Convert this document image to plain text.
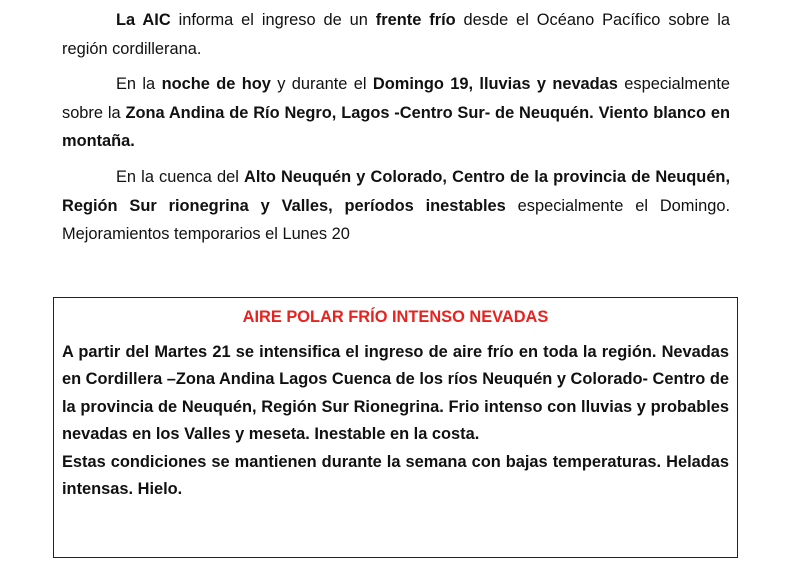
La AIC informa el ingreso de un frente frío desde el Océano Pacífico sobre la región cordillerana.

En la noche de hoy y durante el Domingo 19, lluvias y nevadas especialmente sobre la Zona Andina de Río Negro, Lagos -Centro Sur- de Neuquén. Viento blanco en montaña.

En la cuenca del Alto Neuquén y Colorado, Centro de la provincia de Neuquén, Región Sur rionegrina y Valles, períodos inestables especialmente el Domingo. Mejoramientos temporarios el Lunes 20

AIRE POLAR FRÍO INTENSO NEVADAS

A partir del Martes 21 se intensifica el ingreso de aire frío en toda la región. Nevadas en Cordillera –Zona Andina Lagos Cuenca de los ríos Neuquén y Colorado- Centro de la provincia de Neuquén, Región Sur Rionegrina. Frio intenso con lluvias y probables nevadas en los Valles y meseta. Inestable en la costa.

Estas condiciones se mantienen durante la semana con bajas temperaturas. Heladas intensas. Hielo.
